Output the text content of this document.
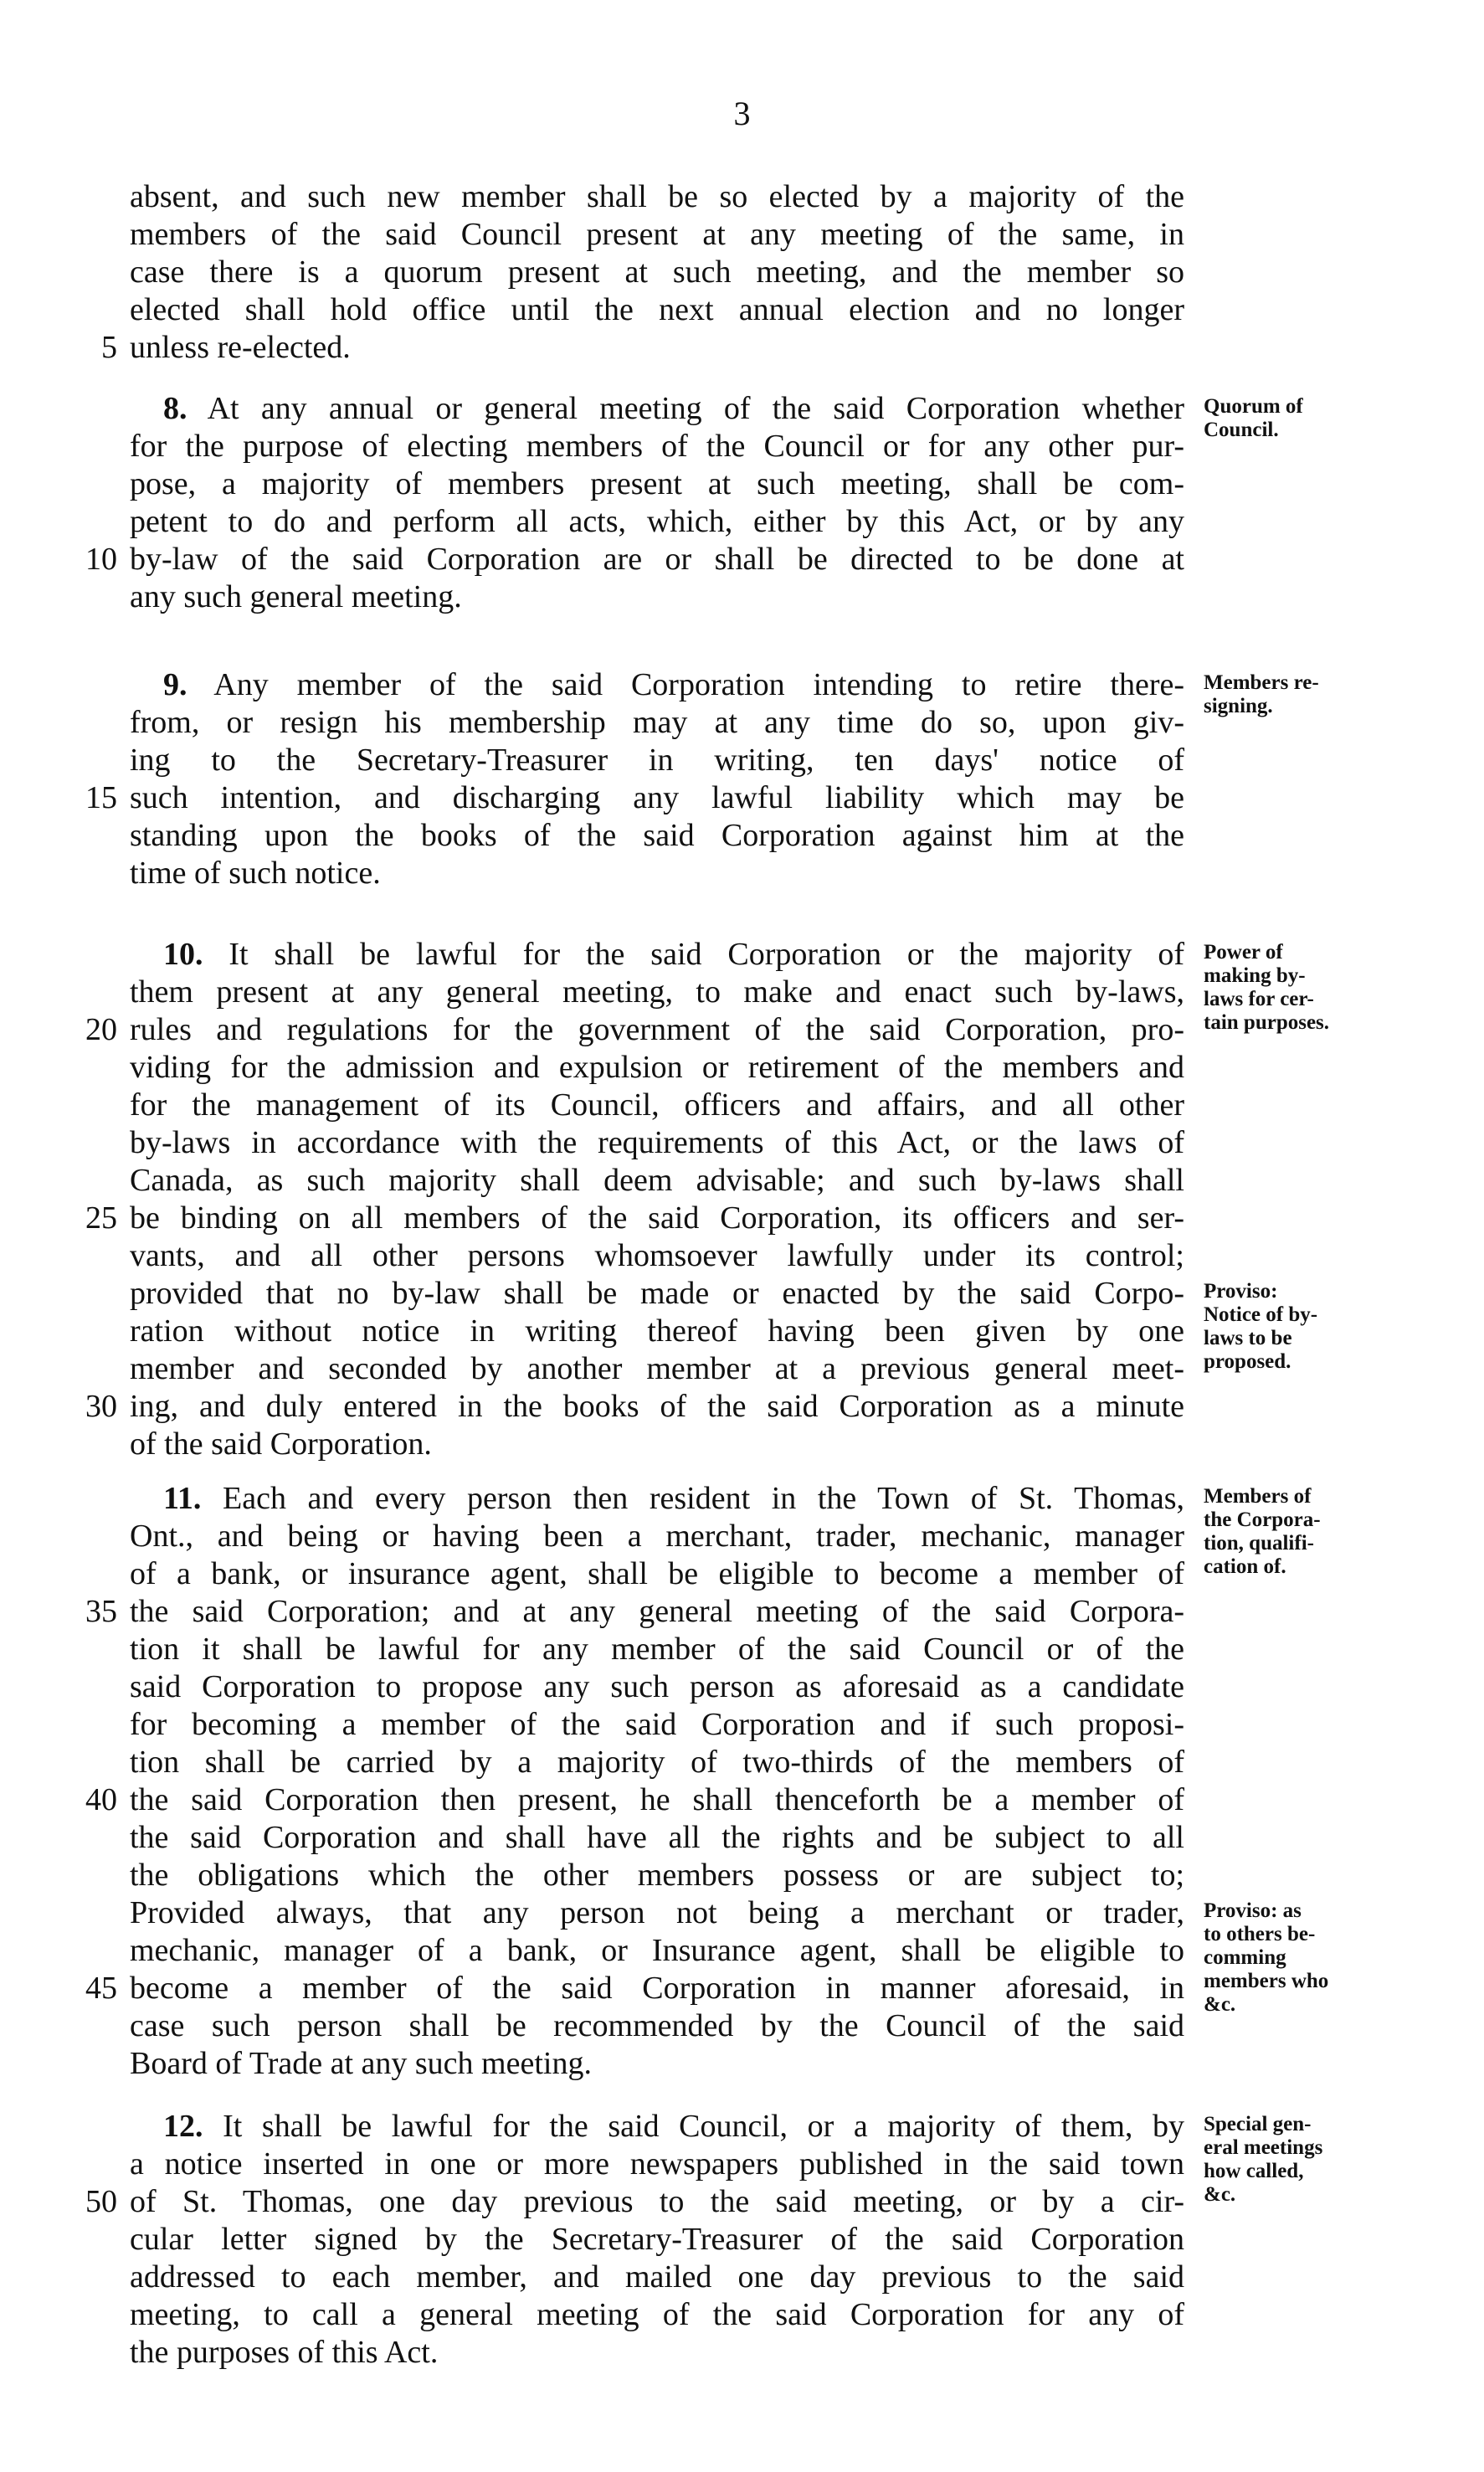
3
absent, and such new member shall be so elected by a majority of the
members of the said Council present at any meeting of the same, in
case there is a quorum present at such meeting, and the member so
elected shall hold office until the next annual election and no longer
unless re-elected.
5
8. At any annual or general meeting of the said Corporation whether
for the purpose of electing members of the Council or for any other pur-
pose, a majority of members present at such meeting, shall be com-
petent to do and perform all acts, which, either by this Act, or by any
by-law of the said Corporation are or shall be directed to be done at
10
any such general meeting.
Quorum of
Council.
9. Any member of the said Corporation intending to retire there-
from, or resign his membership may at any time do so, upon giv-
ing to the Secretary-Treasurer in writing, ten days' notice of
such intention, and discharging any lawful liability which may be
15
standing upon the books of the said Corporation against him at the
time of such notice.
Members re-
signing.
10. It shall be lawful for the said Corporation or the majority of
them present at any general meeting, to make and enact such by-laws,
rules and regulations for the government of the said Corporation, pro-
20
viding for the admission and expulsion or retirement of the members and
for the management of its Council, officers and affairs, and all other
by-laws in accordance with the requirements of this Act, or the laws of
Canada, as such majority shall deem advisable; and such by-laws shall
be binding on all members of the said Corporation, its officers and ser-
25
vants, and all other persons whomsoever lawfully under its control;
provided that no by-law shall be made or enacted by the said Corpo-
ration without notice in writing thereof having been given by one
member and seconded by another member at a previous general meet-
ing, and duly entered in the books of the said Corporation as a minute
30
of the said Corporation.
Power of
making by-
laws for cer-
tain purposes.
Proviso:
Notice of by-
laws to be
proposed.
11. Each and every person then resident in the Town of St. Thomas,
Ont., and being or having been a merchant, trader, mechanic, manager
of a bank, or insurance agent, shall be eligible to become a member of
the said Corporation; and at any general meeting of the said Corpora-
35
tion it shall be lawful for any member of the said Council or of the
said Corporation to propose any such person as aforesaid as a candidate
for becoming a member of the said Corporation and if such proposi-
tion shall be carried by a majority of two-thirds of the members of
the said Corporation then present, he shall thenceforth be a member of
40
the said Corporation and shall have all the rights and be subject to all
the obligations which the other members possess or are subject to;
Provided always, that any person not being a merchant or trader,
mechanic, manager of a bank, or Insurance agent, shall be eligible to
become a member of the said Corporation in manner aforesaid, in
45
case such person shall be recommended by the Council of the said
Board of Trade at any such meeting.
Members of
the Corpora-
tion, qualifi-
cation of.
Proviso: as
to others be-
comming
members who
&c.
12. It shall be lawful for the said Council, or a majority of them, by
a notice inserted in one or more newspapers published in the said town
of St. Thomas, one day previous to the said meeting, or by a cir-
50
cular letter signed by the Secretary-Treasurer of the said Corporation
addressed to each member, and mailed one day previous to the said
meeting, to call a general meeting of the said Corporation for any of
the purposes of this Act.
Special gen-
eral meetings
how called,
&c.
